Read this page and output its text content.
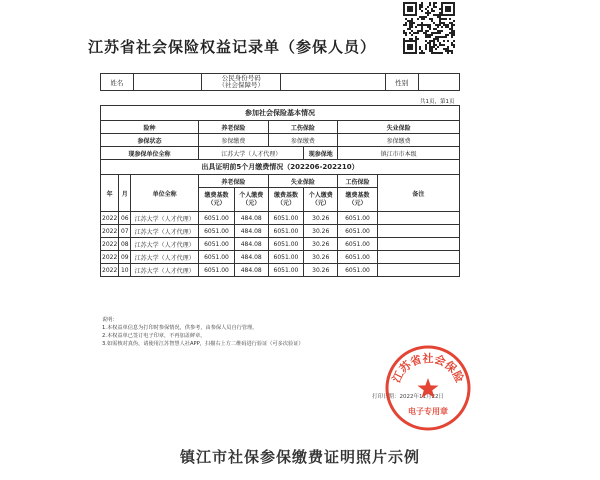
江苏省社会保险权益记录单（参保人员）
姓名		
公民身份号码
（社会保障号）		性别	
共1页，第1页
参加社会保险基本情况								
险种			养老保险		工伤保险		失业保险	
参保状态			参保缴费		参保缴费		参保缴费	
现参保单位全称			江苏大学（人才代理）			现参保地	镇江市市本级	
出具证明前5个月缴费情况（202206-202210）								
年	月	单位全称	养老保险		失业保险		工伤保险	备注
			缴费基数（元）	个人缴费（元）	缴费基数（元）	个人缴费（元）	缴费基数（元）	
2022	06	江苏大学（人才代理）	6051.00	484.08	6051.00	30.26	6051.00	
2022	07	江苏大学（人才代理）	6051.00	484.08	6051.00	30.26	6051.00	
2022	08	江苏大学（人才代理）	6051.00	484.08	6051.00	30.26	6051.00	
2022	09	江苏大学（人才代理）	6051.00	484.08	6051.00	30.26	6051.00	
2022	10	江苏大学（人才代理）	6051.00	484.08	6051.00	30.26	6051.00	
说明：
1.本权益单信息为打印时参保情况，供参考，由参保人员自行管理。
2.本权益单已签订电子印章，不再加盖鲜章。
3.如需核对真伪，请使用江苏智慧人社APP，扫描右上方二维码进行验证（可多次验证）
打印日期：2022年11月22日
江苏省社会保险
电子专用章
镇江市社保参保缴费证明照片示例
